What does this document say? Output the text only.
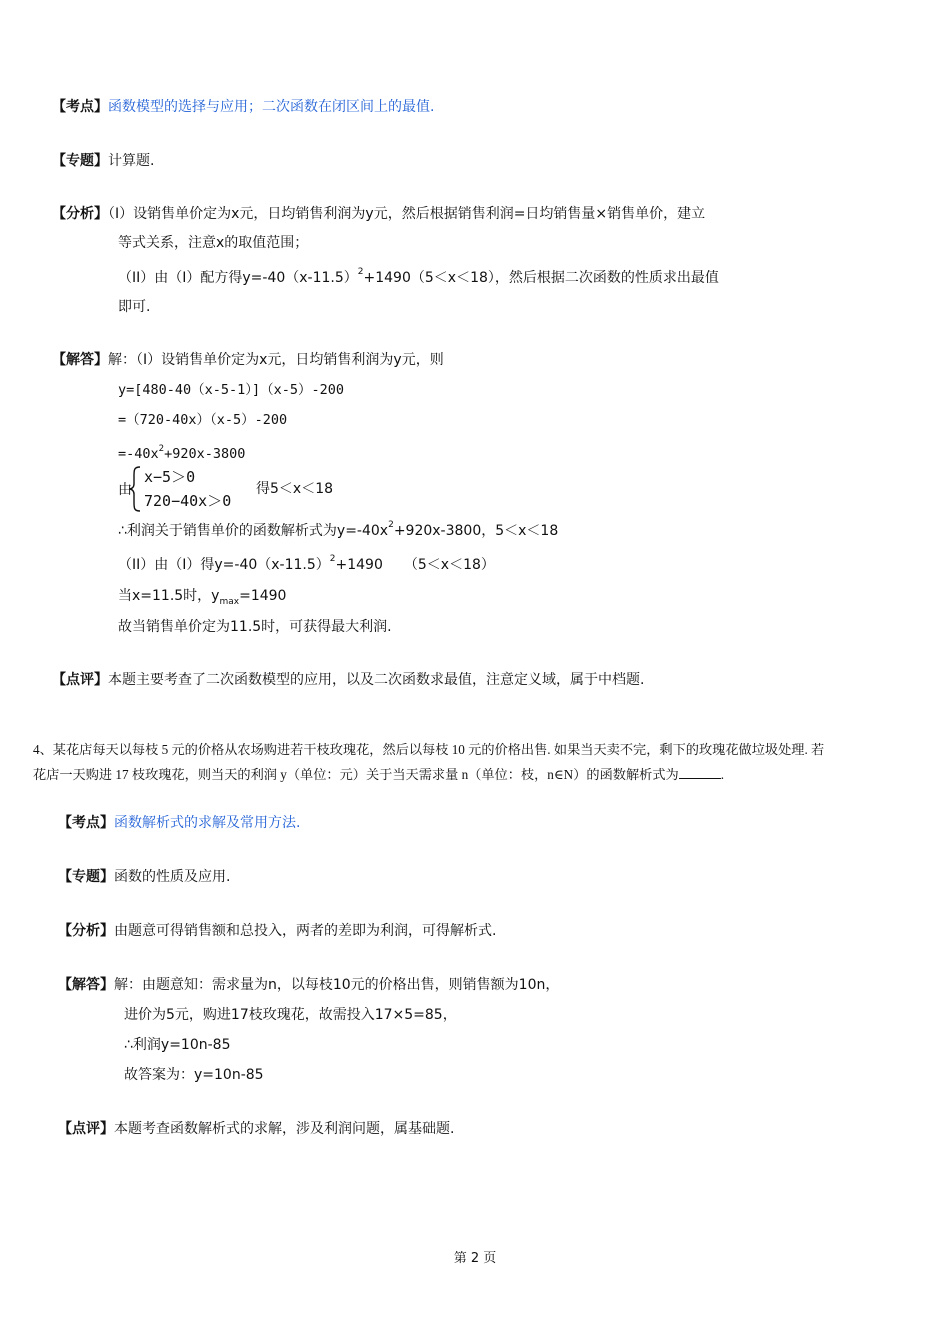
【考点】函数模型的选择与应用；二次函数在闭区间上的最值.
【专题】计算题.
【分析】（I）设销售单价定为x元，日均销售利润为y元，然后根据销售利润=日均销售量×销售单价，建立
等式关系，注意x的取值范围；
（II）由（I）配方得$y=-40(x-11.5)^2+1490(5<x<18)$，然后根据二次函数的性质求出最值
即可.
【解答】解：（I）设销售单价定为x元，日均销售利润为y元，则
y=[480-40（x-5-1）]（x-5）-200
=（720-40x）（x-5）-200
$=-40x^2+920x-3800$
由
x−5＞0
720−40x＞0
得5＜x＜18
∴利润关于销售单价的函数解析式为$y=-40x^2+920x-3800$，5＜x＜18
（II）由（I）得$y=-40(x-11.5)^2+1490$　　（5＜x＜18）
当x=11.5时，$y_{max}=1490$
故当销售单价定为11.5时，可获得最大利润.
【点评】本题主要考查了二次函数模型的应用，以及二次函数求最值，注意定义域，属于中档题.
4、某花店每天以每枝 5 元的价格从农场购进若干枝玫瑰花，然后以每枝 10 元的价格出售. 如果当天卖不完，剩下的玫瑰花做垃圾处理. 若
花店一天购进 17 枝玫瑰花，则当天的利润 y（单位：元）关于当天需求量 n（单位：枝，n∈N）的函数解析式为	.
【考点】函数解析式的求解及常用方法.
【专题】函数的性质及应用.
【分析】由题意可得销售额和总投入，两者的差即为利润，可得解析式.
【解答】解：由题意知：需求量为n，以每枝10元的价格出售，则销售额为10n，
进价为5元，购进17枝玫瑰花，故需投入17×5=85，
∴利润y=10n-85
故答案为：y=10n-85
【点评】本题考查函数解析式的求解，涉及利润问题，属基础题.
第 2 页
